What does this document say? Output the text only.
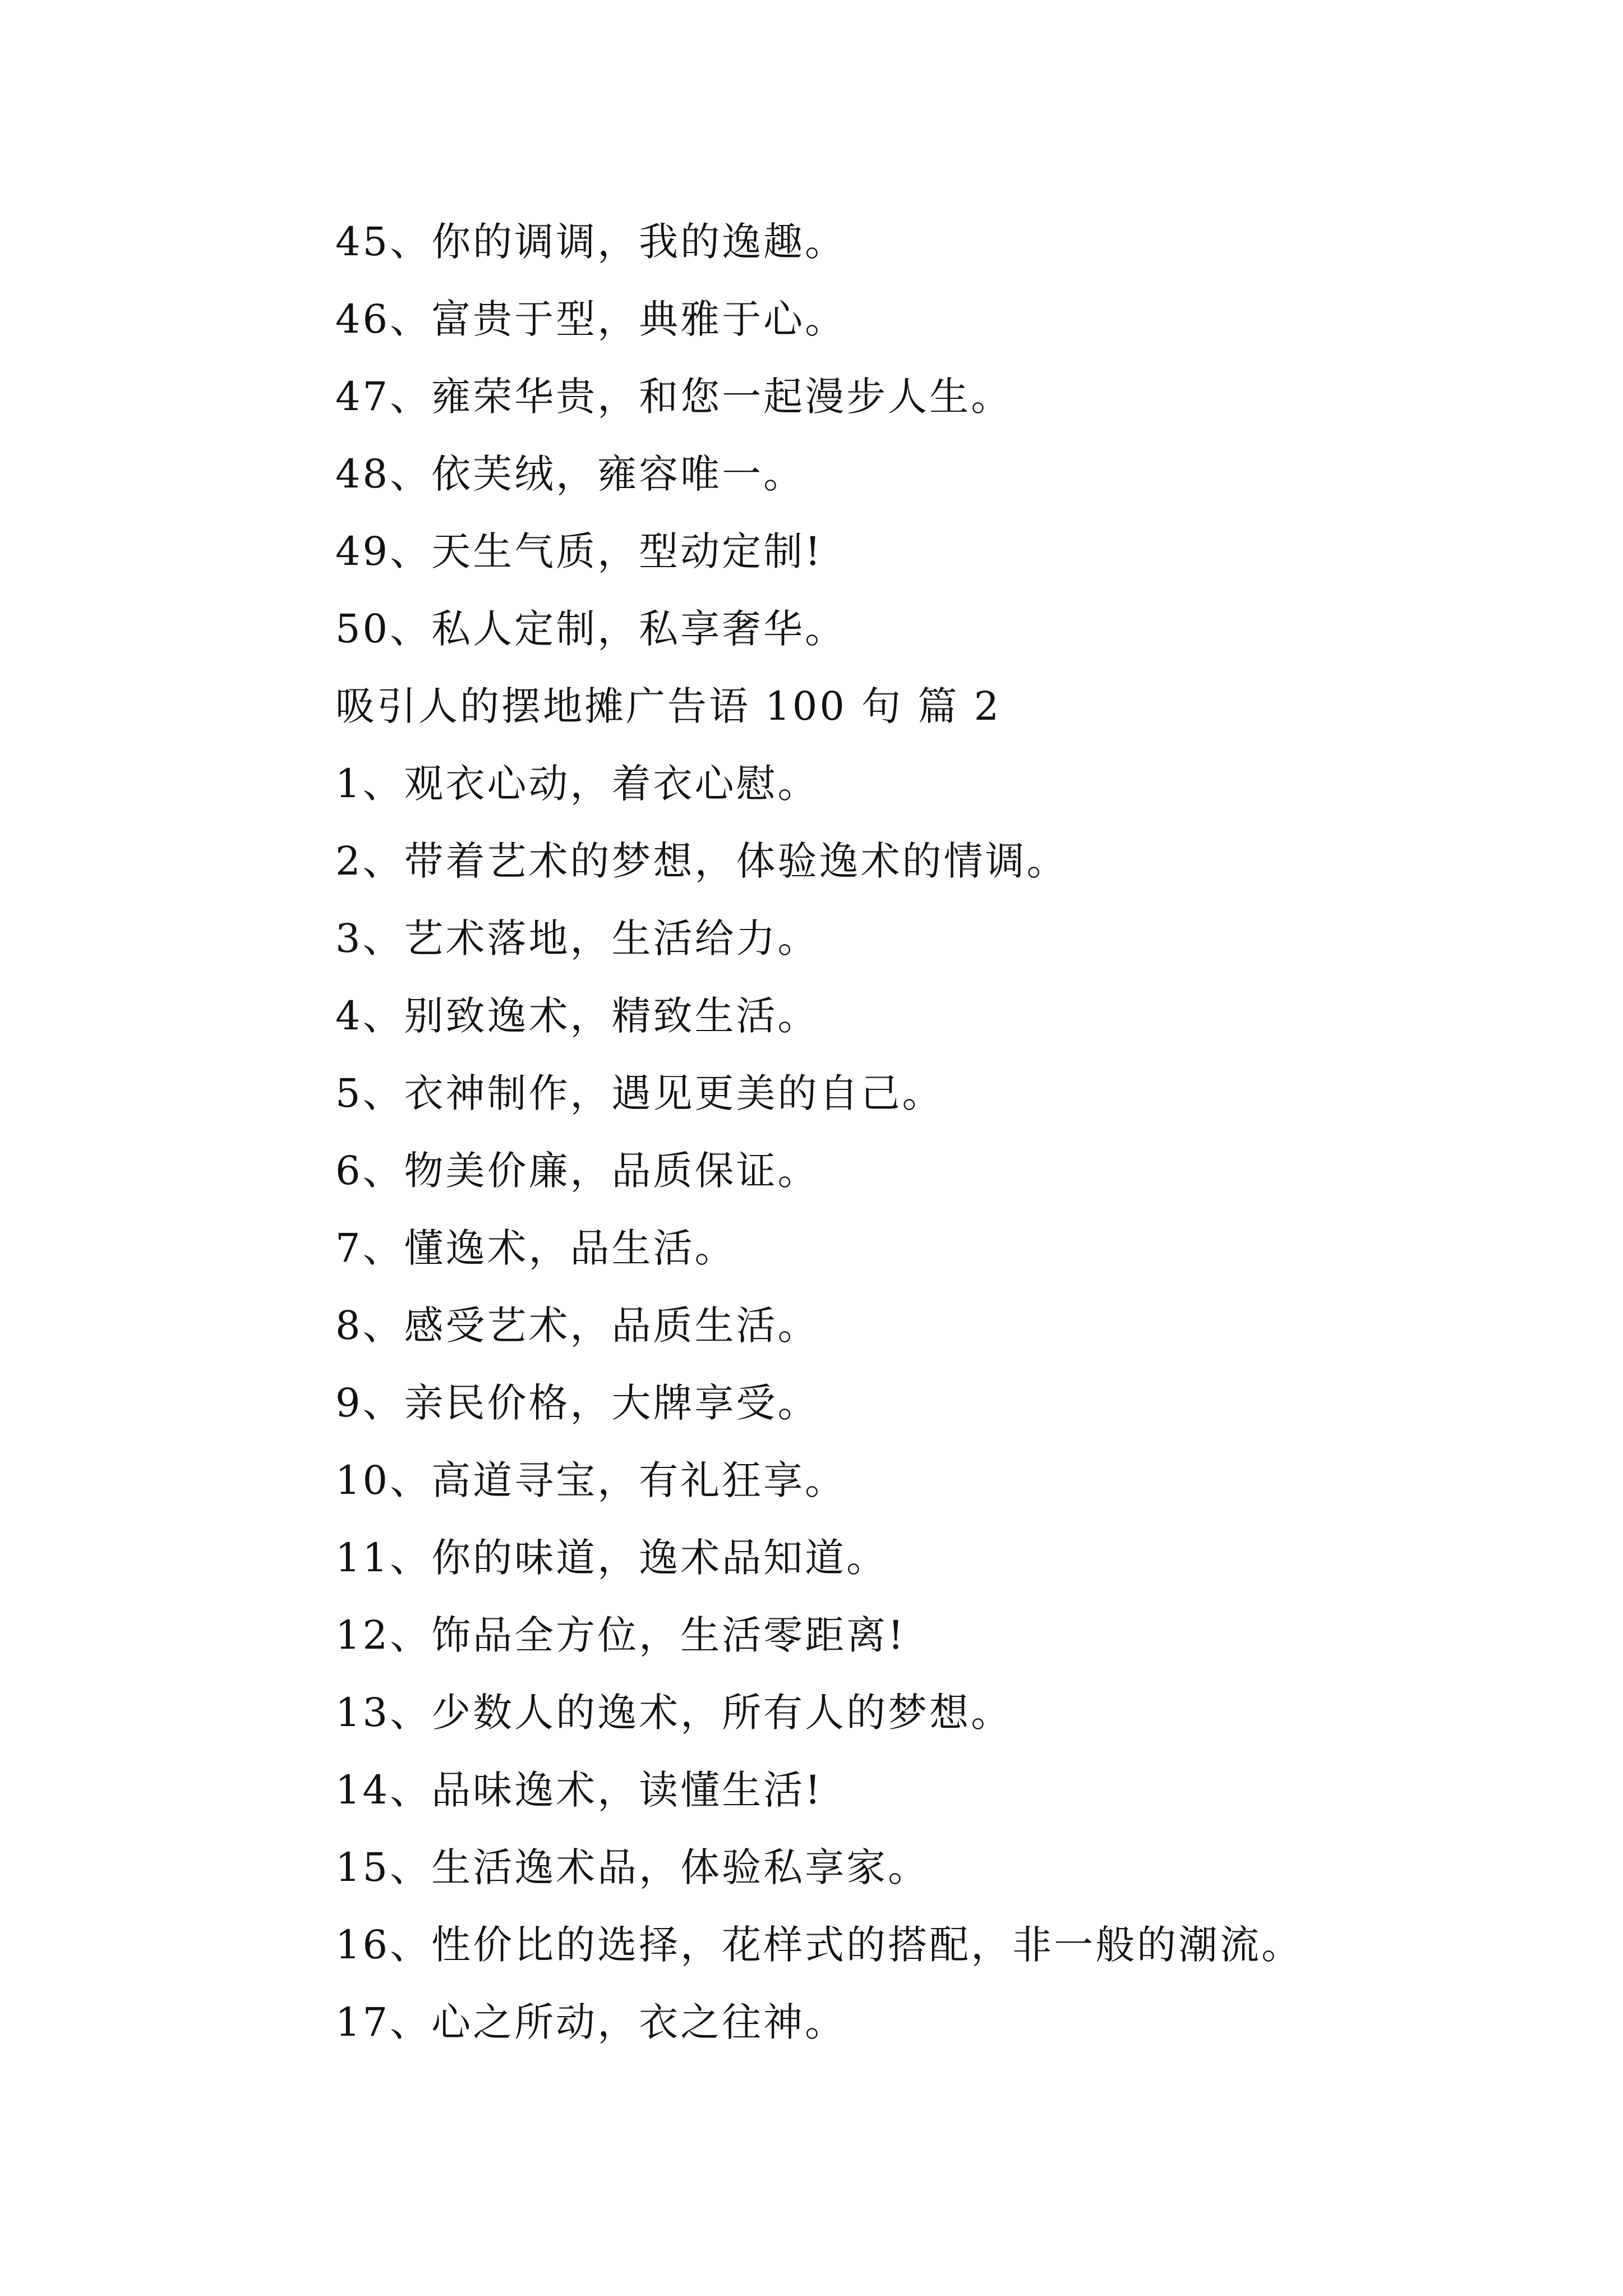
45、你的调调，我的逸趣。
46、富贵于型，典雅于心。
47、雍荣华贵，和您一起漫步人生。
48、依芙绒，雍容唯一。
49、天生气质，型动定制!
50、私人定制，私享奢华。
吸引人的摆地摊广告语 100 句 篇 2
1、观衣心动，着衣心慰。
2、带着艺术的梦想，体验逸术的情调。
3、艺术落地，生活给力。
4、别致逸术，精致生活。
5、衣神制作，遇见更美的自己。
6、物美价廉，品质保证。
7、懂逸术，品生活。
8、感受艺术，品质生活。
9、亲民价格，大牌享受。
10、高道寻宝，有礼狂享。
11、你的味道，逸术品知道。
12、饰品全方位，生活零距离!
13、少数人的逸术，所有人的梦想。
14、品味逸术，读懂生活!
15、生活逸术品，体验私享家。
16、性价比的选择，花样式的搭配，非一般的潮流。
17、心之所动，衣之往神。
